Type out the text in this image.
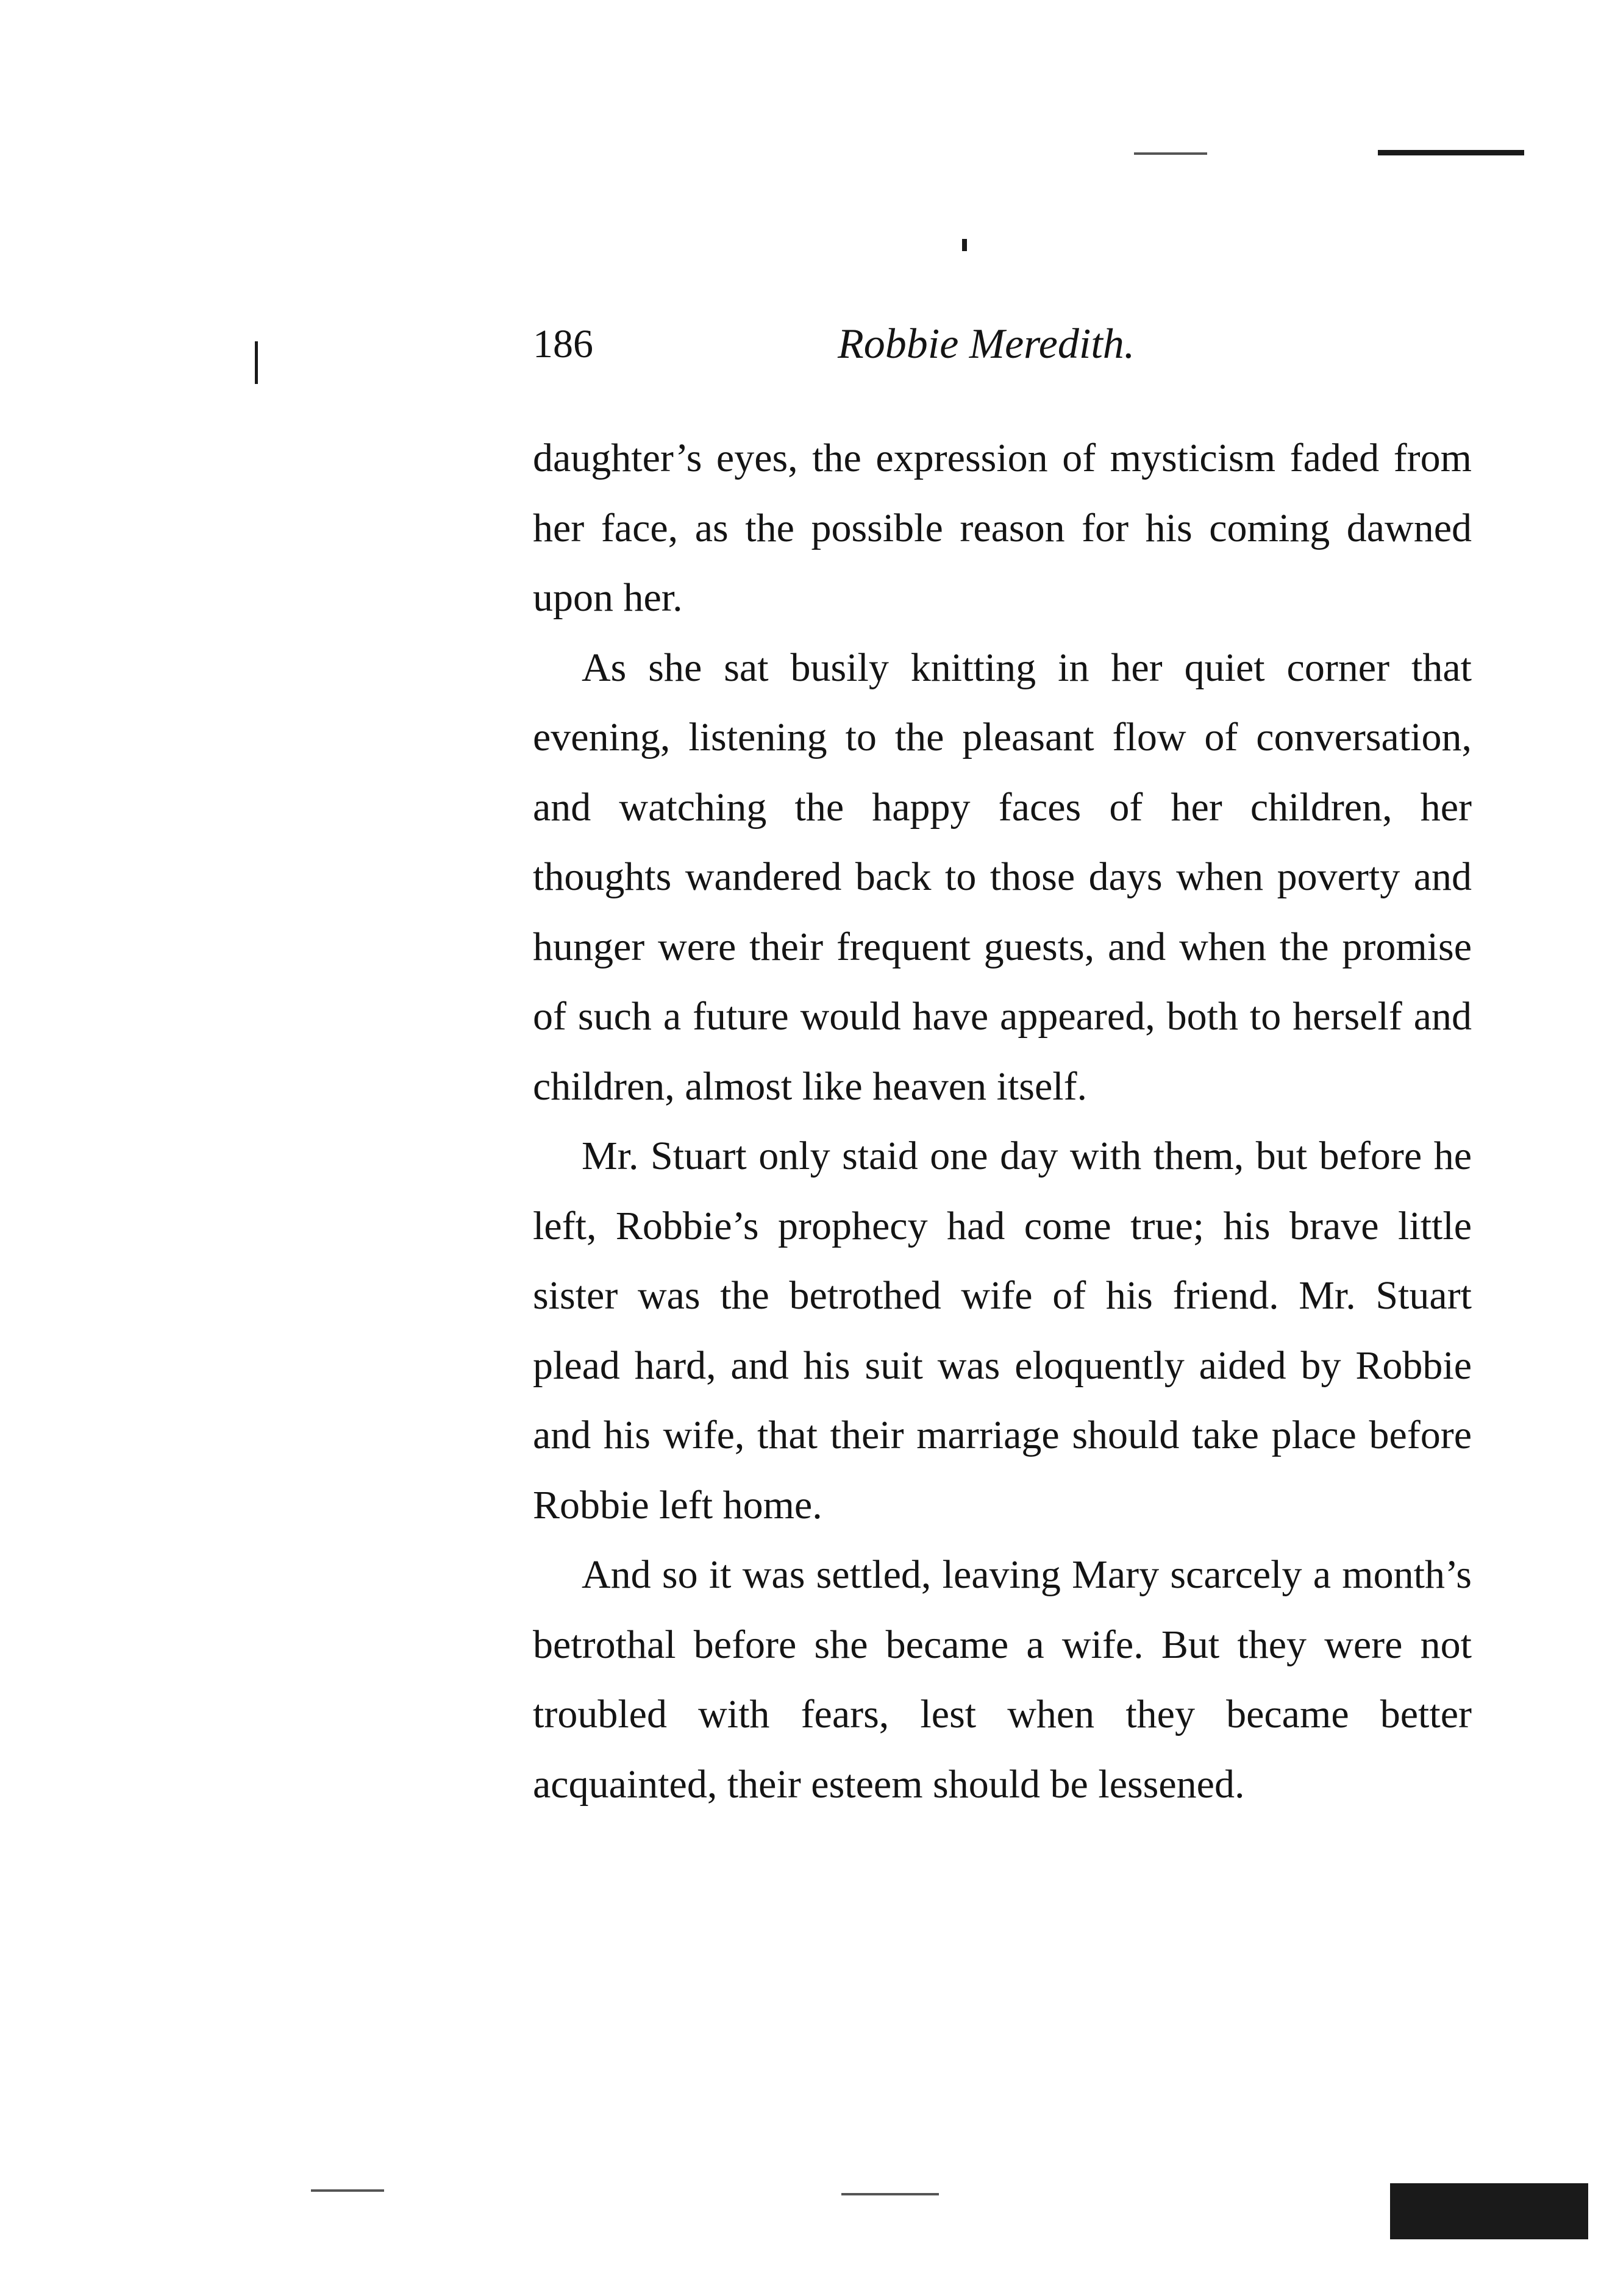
186	Robbie Meredith.

daughter’s eyes, the expression of mysticism faded from her face, as the possible reason for his coming dawned upon her.

As she sat busily knitting in her quiet corner that evening, listening to the pleasant flow of conversation, and watching the happy faces of her children, her thoughts wandered back to those days when poverty and hunger were their frequent guests, and when the promise of such a future would have appeared, both to herself and children, almost like heaven itself.

Mr. Stuart only staid one day with them, but before he left, Robbie’s prophecy had come true; his brave little sister was the betrothed wife of his friend. Mr. Stuart plead hard, and his suit was eloquently aided by Robbie and his wife, that their marriage should take place before Robbie left home.

And so it was settled, leaving Mary scarcely a month’s betrothal before she became a wife. But they were not troubled with fears, lest when they became better acquainted, their esteem should be lessened.
